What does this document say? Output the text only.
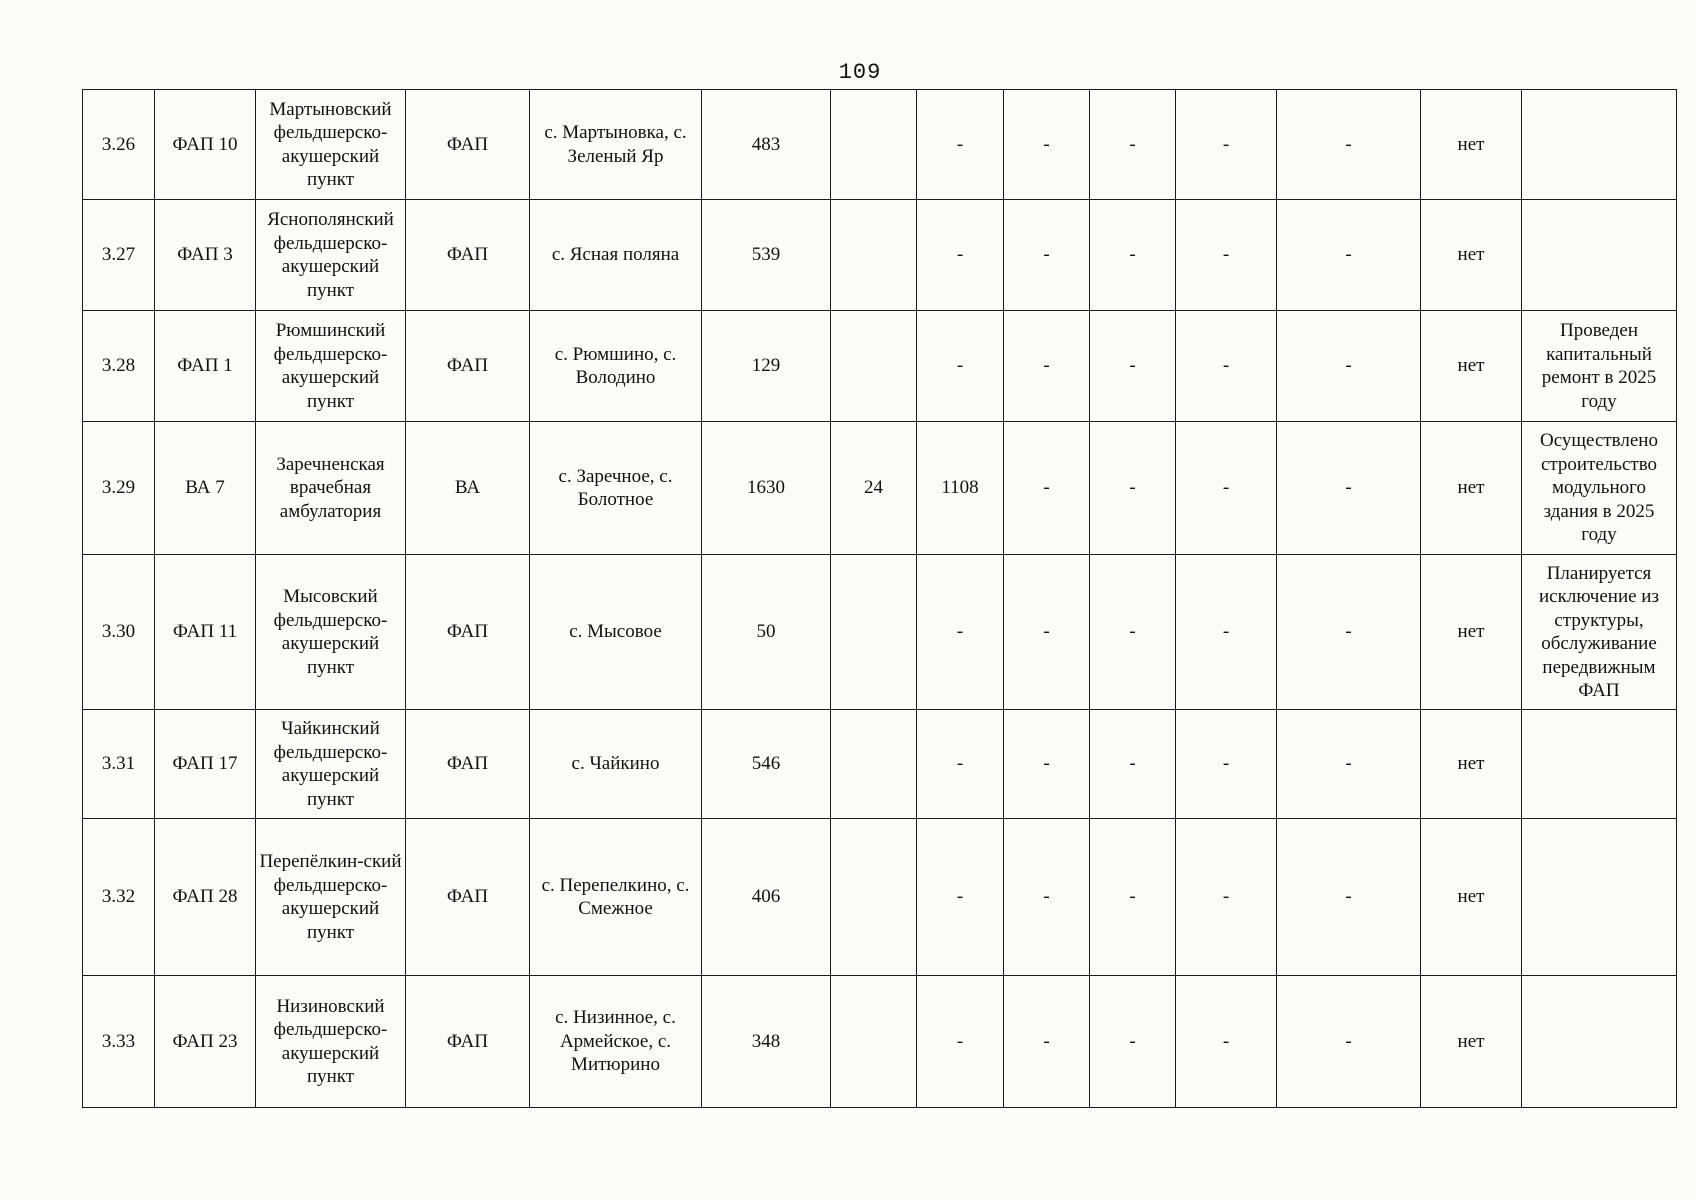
109
3.26	ФАП 10	Мартыновский фельдшерско-акушерский пункт	ФАП	с. Мартыновка, с. Зеленый Яр	483		-	-	-	-	-	нет	
3.27	ФАП 3	Яснополянский фельдшерско-акушерский пункт	ФАП	с. Ясная поляна	539		-	-	-	-	-	нет	
3.28	ФАП 1	Рюмшинский фельдшерско-акушерский пункт	ФАП	с. Рюмшино, с. Володино	129		-	-	-	-	-	нет	Проведен капитальный ремонт в 2025 году
3.29	ВА 7	Заречненская врачебная амбулатория	ВА	с. Заречное, с. Болотное	1630	24	1108	-	-	-	-	нет	Осуществлено строительство модульного здания в 2025 году
3.30	ФАП 11	Мысовский фельдшерско-акушерский пункт	ФАП	с. Мысовое	50		-	-	-	-	-	нет	Планируется исключение из структуры, обслуживание передвижным ФАП
3.31	ФАП 17	Чайкинский фельдшерско-акушерский пункт	ФАП	с. Чайкино	546		-	-	-	-	-	нет	
3.32	ФАП 28	Перепёлкин-ский фельдшерско-акушерский пункт	ФАП	с. Перепелкино, с. Смежное	406		-	-	-	-	-	нет	
3.33	ФАП 23	Низиновский фельдшерско-акушерский пункт	ФАП	с. Низинное, с. Армейское, с. Митюрино	348		-	-	-	-	-	нет	
